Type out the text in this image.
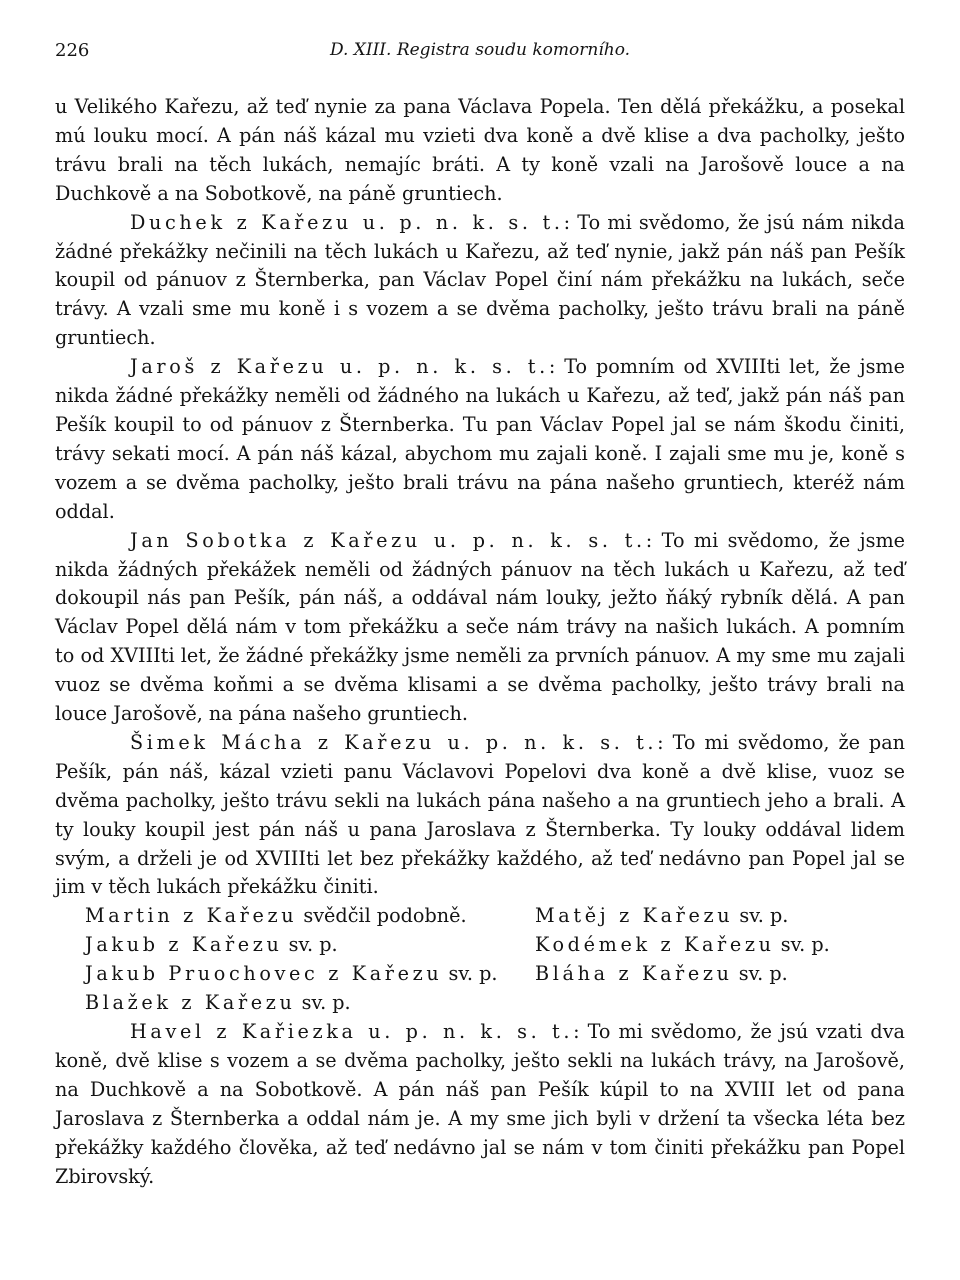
226	D. XIII. Registra soudu komorního.

u Velikého Kařezu, až teď nynie za pana Václava Popela. Ten dělá překážku, a posekal mú louku mocí. A pán náš kázal mu vzieti dva koně a dvě klise a dva pacholky, ješto trávu brali na těch lukách, nemajíc bráti. A ty koně vzali na Jarošově louce a na Duchkově a na Sobotkově, na páně gruntiech.

Duchek z Kařezu u. p. n. k. s. t.: To mi svědomo, že jsú nám nikda žádné překážky nečinili na těch lukách u Kařezu, až teď nynie, jakž pán náš pan Pešík koupil od pánuov z Šternberka, pan Václav Popel činí nám překážku na lukách, seče trávy. A vzali sme mu koně i s vozem a se dvěma pacholky, ješto trávu brali na páně gruntiech.

Jaroš z Kařezu u. p. n. k. s. t.: To pomním od XVIIIti let, že jsme nikda žádné překážky neměli od žádného na lukách u Kařezu, až teď, jakž pán náš pan Pešík koupil to od pánuov z Šternberka. Tu pan Václav Popel jal se nám škodu činiti, trávy sekati mocí. A pán náš kázal, abychom mu zajali koně. I zajali sme mu je, koně s vozem a se dvěma pacholky, ješto brali trávu na pána našeho gruntiech, kteréž nám oddal.

Jan Sobotka z Kařezu u. p. n. k. s. t.: To mi svědomo, že jsme nikda žádných překážek neměli od žádných pánuov na těch lukách u Kařezu, až teď dokoupil nás pan Pešík, pán náš, a oddával nám louky, ježto ňáký rybník dělá. A pan Václav Popel dělá nám v tom překážku a seče nám trávy na našich lukách. A pomním to od XVIIIti let, že žádné překážky jsme neměli za prvních pánuov. A my sme mu zajali vuoz se dvěma koňmi a se dvěma klisami a se dvěma pacholky, ješto trávy brali na louce Jarošově, na pána našeho gruntiech.

Šimek Mácha z Kařezu u. p. n. k. s. t.: To mi svědomo, že pan Pešík, pán náš, kázal vzieti panu Václavovi Popelovi dva koně a dvě klise, vuoz se dvěma pacholky, ješto trávu sekli na lukách pána našeho a na gruntiech jeho a brali. A ty louky koupil jest pán náš u pana Jaroslava z Šternberka. Ty louky oddával lidem svým, a drželi je od XVIIIti let bez překážky každého, až teď nedávno pan Popel jal se jim v těch lukách překážku činiti.

Martin z Kařezu svědčil podobně.	Matěj z Kařezu sv. p.
Jakub z Kařezu sv. p.	Kodémek z Kařezu sv. p.
Jakub Pruochovec z Kařezu sv. p.	Bláha z Kařezu sv. p.
Blažek z Kařezu sv. p.

Havel z Kařiezka u. p. n. k. s. t.: To mi svědomo, že jsú vzati dva koně, dvě klise s vozem a se dvěma pacholky, ješto sekli na lukách trávy, na Jarošově, na Duchkově a na Sobotkově. A pán náš pan Pešík kúpil to na XVIII let od pana Jaroslava z Šternberka a oddal nám je. A my sme jich byli v držení ta všecka léta bez překážky každého člověka, až teď nedávno jal se nám v tom činiti překážku pan Popel Zbirovský.
